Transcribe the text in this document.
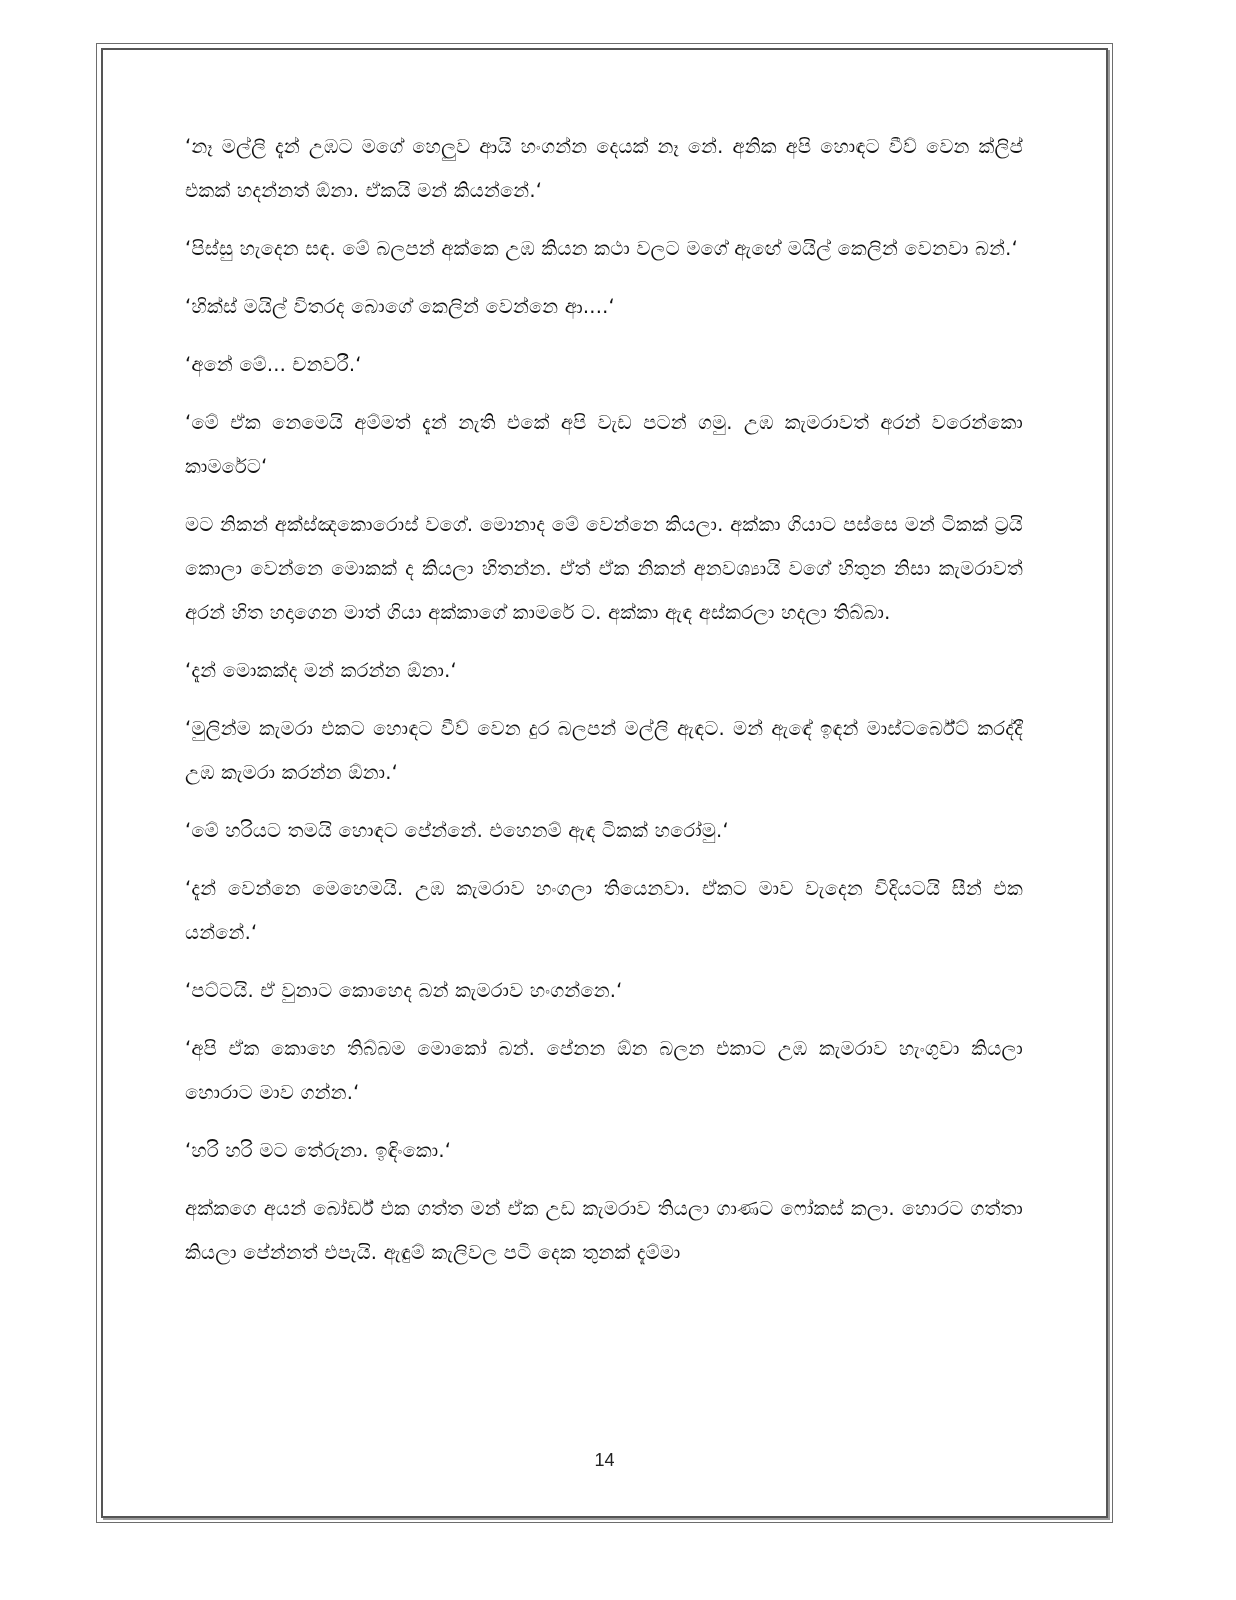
‘නෑ මල්ලි දැන් උඹට මගේ හෙලුව ආයි හංගන්න දෙයක් නෑ නේ. අනික අපි හොඳට වීව් වෙන ක්ලිප් එකක් හදන්නත් ඕනා. ඒකයි මන් කියන්නේ.‘

‘පිස්සු හැදෙන සඳ. මේ බලපන් අක්කෙ උඹ කියන කථා වලට මගේ ඇඟේ මයිල් කෙලින් වෙනවා බන්.‘

‘හික්ස් මයිල් විතරද බොගේ කෙලින් වෙන්නෙ ආ....‘

‘අනේ මේ... චනවරී.‘

‘මේ ඒක නෙමෙයි අම්මත් දැන් නැති එකේ අපි වැඩ පටන් ගමු. උඹ කැමරාවත් අරන් වරෙන්කො කාමරේට‘

මට නිකන් අක්ස්ඤකොරොස් වගේ. මොනාද මේ වෙන්නෙ කියලා. අක්කා ගියාට පස්සෙ මන් ටිකක් ට්‍රයි කොලා වෙන්නෙ මොකක් ද කියලා හිතන්න. ඒත් ඒක නිකන් අනවශ්‍යායි වගේ හිතුන නිසා කැමරාවත් අරන් හිත හදාගෙන මාත් ගියා අක්කාගේ කාමරේ ට. අක්කා ඇඳ අස්කරලා හදලා තිබ්බා.

‘දැන් මොකක්ද මන් කරන්න ඕනා.‘

‘මුලින්ම කැමරා එකට හොඳට වීව් වෙන දුර බලපන් මල්ලි ඇඳට. මන් ඇඳේ ඉඳන් මාස්ටර්බේට් කරද්දී උඹ කැමරා කරන්න ඕනා.‘

‘මේ හරියට තමයි හොඳට පේන්නේ. එහෙනම් ඇඳ ටිකක් හරෝමු.‘

‘දැන් වෙන්නෙ මෙහෙමයි. උඹ කැමරාව හංගලා තියෙනවා. ඒකට මාව වැදෙන විදියටයි සීන් එක යන්නේ.‘

‘පට්ටයි. ඒ වුනාට කොහෙද බන් කැමරාව හංගන්නෙ.‘

‘අපි ඒක කොහෙ තිබ්බම මොකෝ බන්. පේනන ඕන බලන එකාට උඹ කැමරාව හැංගුවා කියලා හොරාට මාව ගන්න.‘

‘හරි හරි මට තේරුනා. ඉඳිංකො.‘

අක්කගෙ අයන් බෝර්ඩ් එක ගත්ත මන් ඒක උඩ කැමරාව තියලා ගාණට ෆෝකස් කලා. හොරට ගත්තා කියලා පේන්නත් එපැයි. ඇඳුම් කැලිවල පටි දෙක තුනක් දැම්මා

14
